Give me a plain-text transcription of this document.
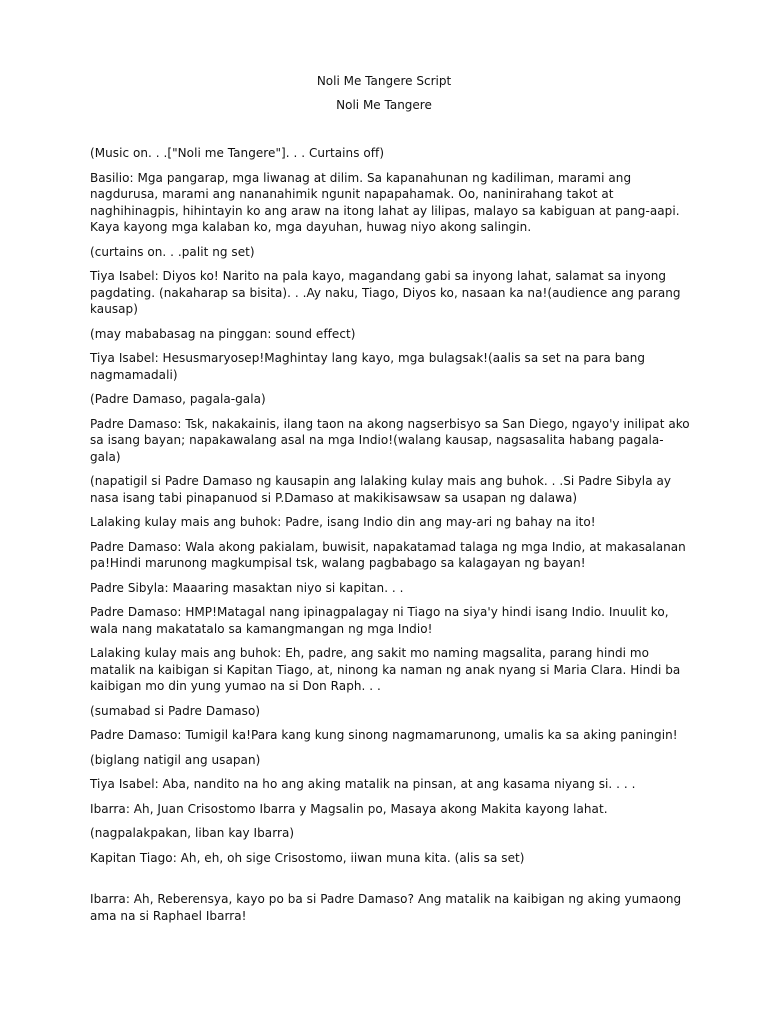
Noli Me Tangere Script
Noli Me Tangere

(Music on. . .["Noli me Tangere"]. . . Curtains off)

Basilio: Mga pangarap, mga liwanag at dilim. Sa kapanahunan ng kadiliman, marami ang nagdurusa, marami ang nananahimik ngunit napapahamak. Oo, naninirahang takot at naghihinagpis, hihintayin ko ang araw na itong lahat ay lilipas, malayo sa kabiguan at pang-aapi. Kaya kayong mga kalaban ko, mga dayuhan, huwag niyo akong salingin.

(curtains on. . .palit ng set)

Tiya Isabel: Diyos ko! Narito na pala kayo, magandang gabi sa inyong lahat, salamat sa inyong pagdating. (nakaharap sa bisita). . .Ay naku, Tiago, Diyos ko, nasaan ka na!(audience ang parang kausap)

(may mababasag na pinggan: sound effect)

Tiya Isabel: Hesusmaryosep!Maghintay lang kayo, mga bulagsak!(aalis sa set na para bang nagmamadali)

(Padre Damaso, pagala-gala)

Padre Damaso: Tsk, nakakainis, ilang taon na akong nagserbisyo sa San Diego, ngayo'y inilipat ako sa isang bayan; napakawalang asal na mga Indio!(walang kausap, nagsasalita habang pagala-gala)

(napatigil si Padre Damaso ng kausapin ang lalaking kulay mais ang buhok. . .Si Padre Sibyla ay nasa isang tabi pinapanuod si P.Damaso at makikisawsaw sa usapan ng dalawa)

Lalaking kulay mais ang buhok: Padre, isang Indio din ang may-ari ng bahay na ito!

Padre Damaso: Wala akong pakialam, buwisit, napakatamad talaga ng mga Indio, at makasalanan pa!Hindi marunong magkumpisal tsk, walang pagbabago sa kalagayan ng bayan!

Padre Sibyla: Maaaring masaktan niyo si kapitan. . .

Padre Damaso: HMP!Matagal nang ipinagpalagay ni Tiago na siya'y hindi isang Indio. Inuulit ko, wala nang makatatalo sa kamangmangan ng mga Indio!

Lalaking kulay mais ang buhok: Eh, padre, ang sakit mo naming magsalita, parang hindi mo matalik na kaibigan si Kapitan Tiago, at, ninong ka naman ng anak nyang si Maria Clara. Hindi ba kaibigan mo din yung yumao na si Don Raph. . .

(sumabad si Padre Damaso)

Padre Damaso: Tumigil ka!Para kang kung sinong nagmamarunong, umalis ka sa aking paningin!

(biglang natigil ang usapan)

Tiya Isabel: Aba, nandito na ho ang aking matalik na pinsan, at ang kasama niyang si. . . .

Ibarra: Ah, Juan Crisostomo Ibarra y Magsalin po, Masaya akong Makita kayong lahat.

(nagpalakpakan, liban kay Ibarra)

Kapitan Tiago: Ah, eh, oh sige Crisostomo, iiwan muna kita. (alis sa set)

Ibarra: Ah, Reberensya, kayo po ba si Padre Damaso? Ang matalik na kaibigan ng aking yumaong ama na si Raphael Ibarra!
